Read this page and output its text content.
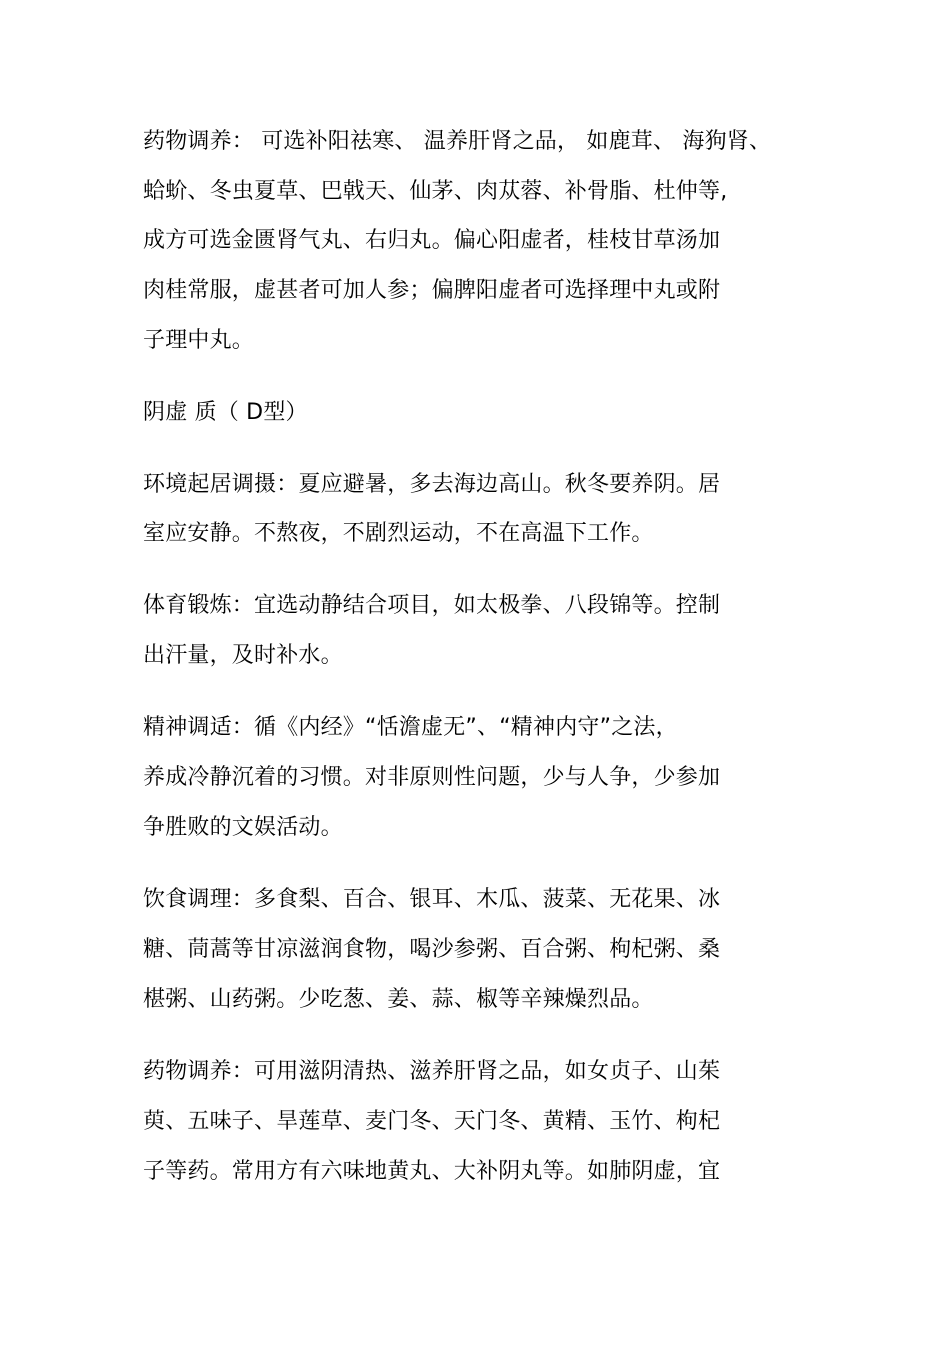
药物调养： 可选补阳祛寒、 温养肝肾之品， 如鹿茸、 海狗肾、

蛤蚧、冬虫夏草、巴戟天、仙茅、肉苁蓉、补骨脂、杜仲等,

成方可选金匮肾气丸、右归丸。偏心阳虚者，桂枝甘草汤加

肉桂常服，虚甚者可加人参；偏脾阳虚者可选择理中丸或附

子理中丸。

阴虚 质（ D型）

环境起居调摄：夏应避暑，多去海边高山。秋冬要养阴。居

室应安静。不熬夜，不剧烈运动，不在高温下工作。

体育锻炼：宜选动静结合项目，如太极拳、八段锦等。控制

出汗量，及时补水。

精神调适：循《内经》“恬澹虚无”、“精神内守”之法，

养成冷静沉着的习惯。对非原则性问题，少与人争，少参加

争胜败的文娱活动。

饮食调理：多食梨、百合、银耳、木瓜、菠菜、无花果、冰

糖、茼蒿等甘凉滋润食物，喝沙参粥、百合粥、枸杞粥、桑

椹粥、山药粥。少吃葱、姜、蒜、椒等辛辣燥烈品。

药物调养：可用滋阴清热、滋养肝肾之品，如女贞子、山茱

萸、五味子、旱莲草、麦门冬、天门冬、黄精、玉竹、枸杞

子等药。常用方有六味地黄丸、大补阴丸等。如肺阴虚，宜
